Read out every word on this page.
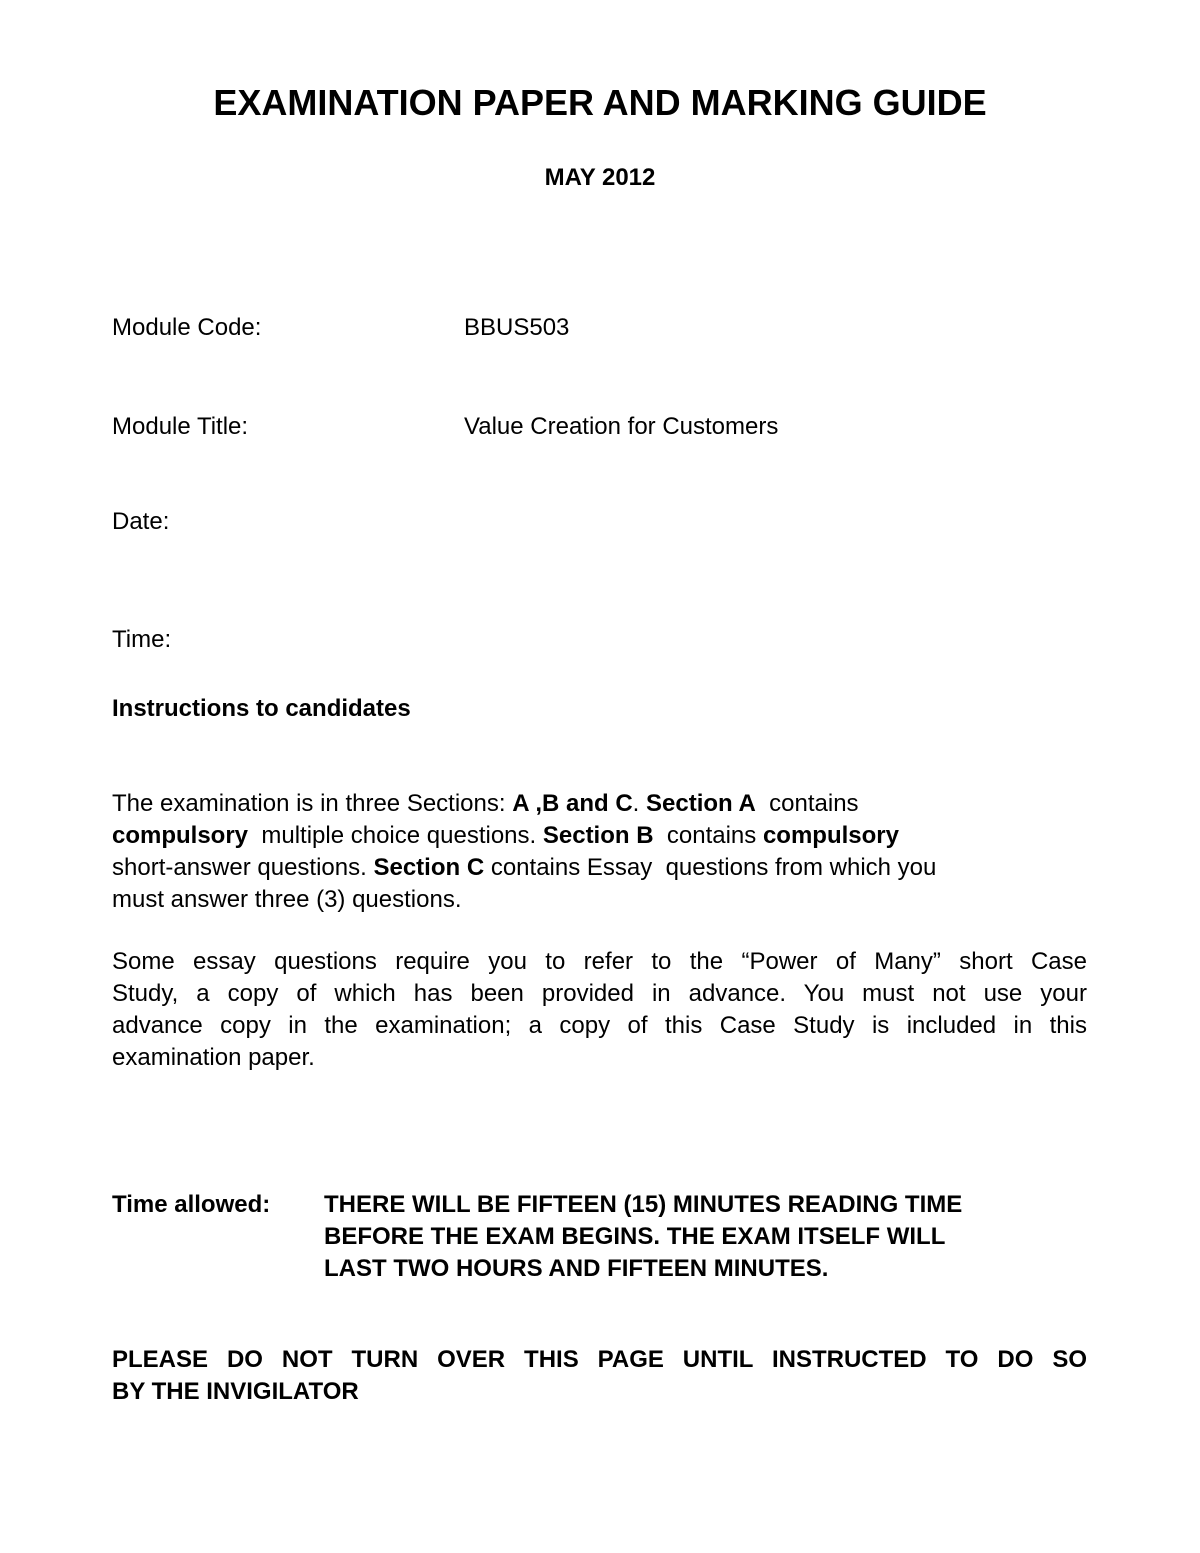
EXAMINATION PAPER AND MARKING GUIDE
MAY 2012
Module Code:	BBUS503
Module Title:	Value Creation for Customers
Date:
Time:
Instructions to candidates
The examination is in three Sections: A ,B and C. Section A  contains
compulsory  multiple choice questions. Section B  contains compulsory
short-answer questions. Section C contains Essay  questions from which you
must answer three (3) questions.
Some essay questions require you to refer to the “Power of Many” short Case
Study, a copy of which has been provided in advance. You must not use your
advance copy in the examination; a copy of this Case Study is included in this
examination paper.
Time allowed: THERE WILL BE FIFTEEN (15) MINUTES READING TIME
BEFORE THE EXAM BEGINS. THE EXAM ITSELF WILL
LAST TWO HOURS AND FIFTEEN MINUTES.
PLEASE DO NOT TURN OVER THIS PAGE UNTIL INSTRUCTED TO DO SO
BY THE INVIGILATOR
